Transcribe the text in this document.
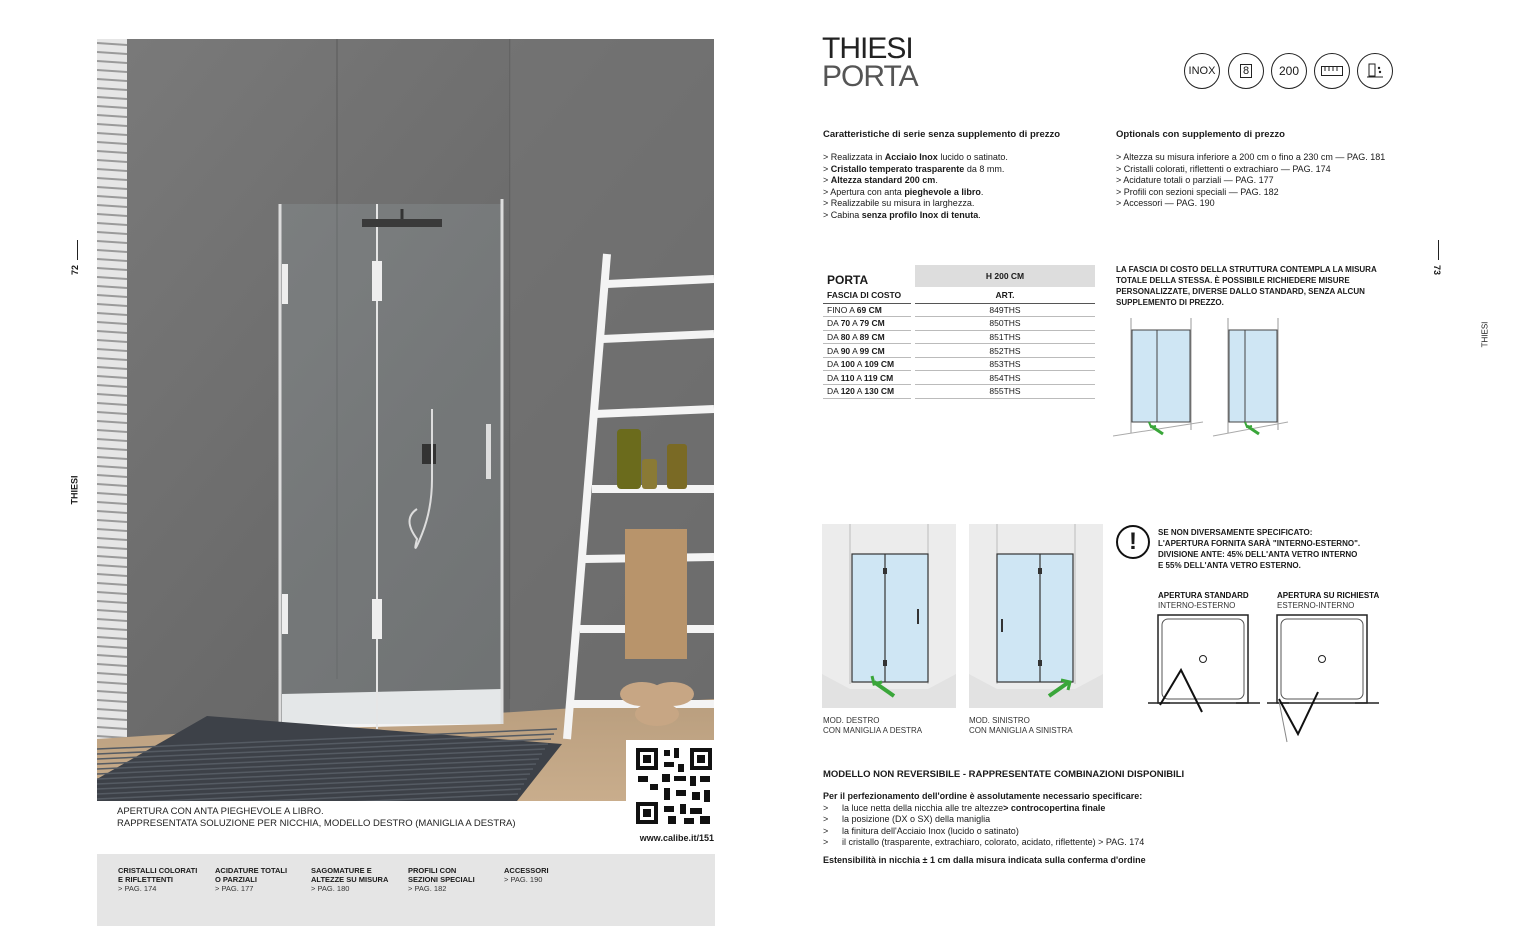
72
THIESI
www.calibe.it/151
APERTURA CON ANTA PIEGHEVOLE A LIBRO.
RAPPRESENTATA SOLUZIONE PER NICCHIA, MODELLO DESTRO (MANIGLIA A DESTRA)
CRISTALLI COLORATI
E RIFLETTENTI
> PAG. 174
ACIDATURE TOTALI
O PARZIALI
> PAG. 177
SAGOMATURE E
ALTEZZE SU MISURA
> PAG. 180
PROFILI CON
SEZIONI SPECIALI
> PAG. 182
ACCESSORI
> PAG. 190
THIESI
PORTA	INOX 8 200
Caratteristiche di serie senza supplemento di prezzo
> Realizzata in Acciaio Inox lucido o satinato.
> Cristallo temperato trasparente da 8 mm.
> Altezza standard 200 cm.
> Apertura con anta pieghevole a libro.
> Realizzabile su misura in larghezza.
> Cabina senza profilo Inox di tenuta.
Optionals con supplemento di prezzo
> Altezza su misura inferiore a 200 cm o fino a 230 cm — PAG. 181
> Cristalli colorati, riflettenti o extrachiaro — PAG. 174
> Acidature totali o parziali — PAG. 177
> Profili con sezioni speciali — PAG. 182
> Accessori — PAG. 190
PORTA	H 200 CM
FASCIA DI COSTO	ART.
FINO A 69 CM	849THS
DA 70 A 79 CM	850THS
DA 80 A 89 CM	851THS
DA 90 A 99 CM	852THS
DA 100 A 109 CM	853THS
DA 110 A 119 CM	854THS
DA 120 A 130 CM	855THS
LA FASCIA DI COSTO DELLA STRUTTURA CONTEMPLA LA MISURA
TOTALE DELLA STESSA. È POSSIBILE RICHIEDERE MISURE
PERSONALIZZATE, DIVERSE DALLO STANDARD, SENZA ALCUN
SUPPLEMENTO DI PREZZO.
MOD. DESTRO
CON MANIGLIA A DESTRA
MOD. SINISTRO
CON MANIGLIA A SINISTRA
!	SE NON DIVERSAMENTE SPECIFICATO:
L'APERTURA FORNITA SARÀ "INTERNO-ESTERNO".
DIVISIONE ANTE: 45% DELL'ANTA VETRO INTERNO
E 55% DELL'ANTA VETRO ESTERNO.
APERTURA STANDARD
INTERNO-ESTERNO
APERTURA SU RICHIESTA
ESTERNO-INTERNO
MODELLO NON REVERSIBILE - RAPPRESENTATE COMBINAZIONI DISPONIBILI
Per il perfezionamento dell'ordine è assolutamente necessario specificare:
>	la luce netta della nicchia alle tre altezze > controcopertina finale
>	la posizione (DX o SX) della maniglia
>	la finitura dell'Acciaio Inox (lucido o satinato)
>	il cristallo (trasparente, extrachiaro, colorato, acidato, riflettente) > PAG. 174
Estensibilità in nicchia ± 1 cm dalla misura indicata sulla conferma d'ordine
73
THIESI
